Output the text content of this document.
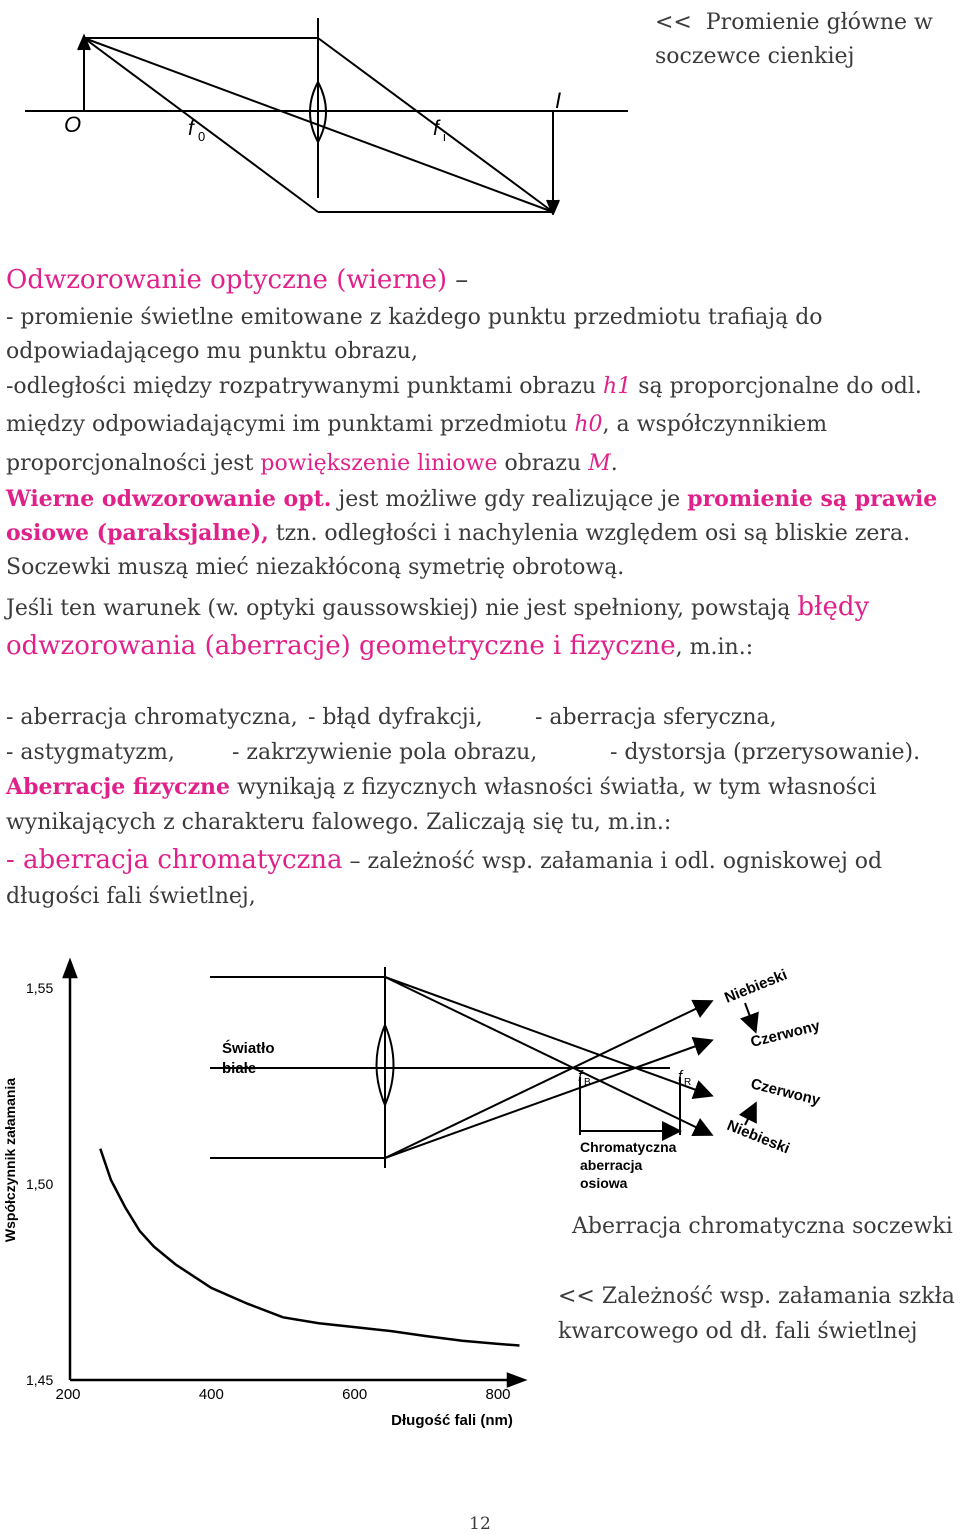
O	f 0	f i
I
<< Promienie główne w
soczewce cienkiej
Odwzorowanie optyczne (wierne) –
- promienie świetlne emitowane z każdego punktu przedmiotu trafiają do
odpowiadającego mu punktu obrazu,
-odległości między rozpatrywanymi punktami obrazu h1 są proporcjonalne do odl.
między odpowiadającymi im punktami przedmiotu h0, a współczynnikiem
proporcjonalności jest powiększenie liniowe obrazu M.
Wierne odwzorowanie opt. jest możliwe gdy realizujące je promienie są prawie
osiowe (paraksjalne), tzn. odległości i nachylenia względem osi są bliskie zera.
Soczewki muszą mieć niezakłóconą symetrię obrotową.
Jeśli ten warunek (w. optyki gaussowskiej) nie jest spełniony, powstają błędy
odwzorowania (aberracje) geometryczne i fizyczne, m.in.:
- aberracja chromatyczna, - błąd dyfrakcji, - aberracja sferyczna,
- astygmatyzm,	- zakrzywienie pola obrazu,	- dystorsja (przerysowanie).
Aberracje fizyczne wynikają z fizycznych własności światła, w tym własności
wynikających z charakteru falowego. Zaliczają się tu, m.in.:
- aberracja chromatyczna – zależność wsp. załamania i odl. ogniskowej od
długości fali świetlnej,
200	400	600	800
1,45
1,50
1,55
Współczynnik załamania
Długość fali (nm)
Światło
białe	f B	f R
Niebieski
Czerwony
Czerwony
Niebieski
Chromatyczna
aberracja
osiowa
Aberracja chromatyczna soczewki
<< Zależność wsp. załamania szkła
kwarcowego od dł. fali świetlnej
12
